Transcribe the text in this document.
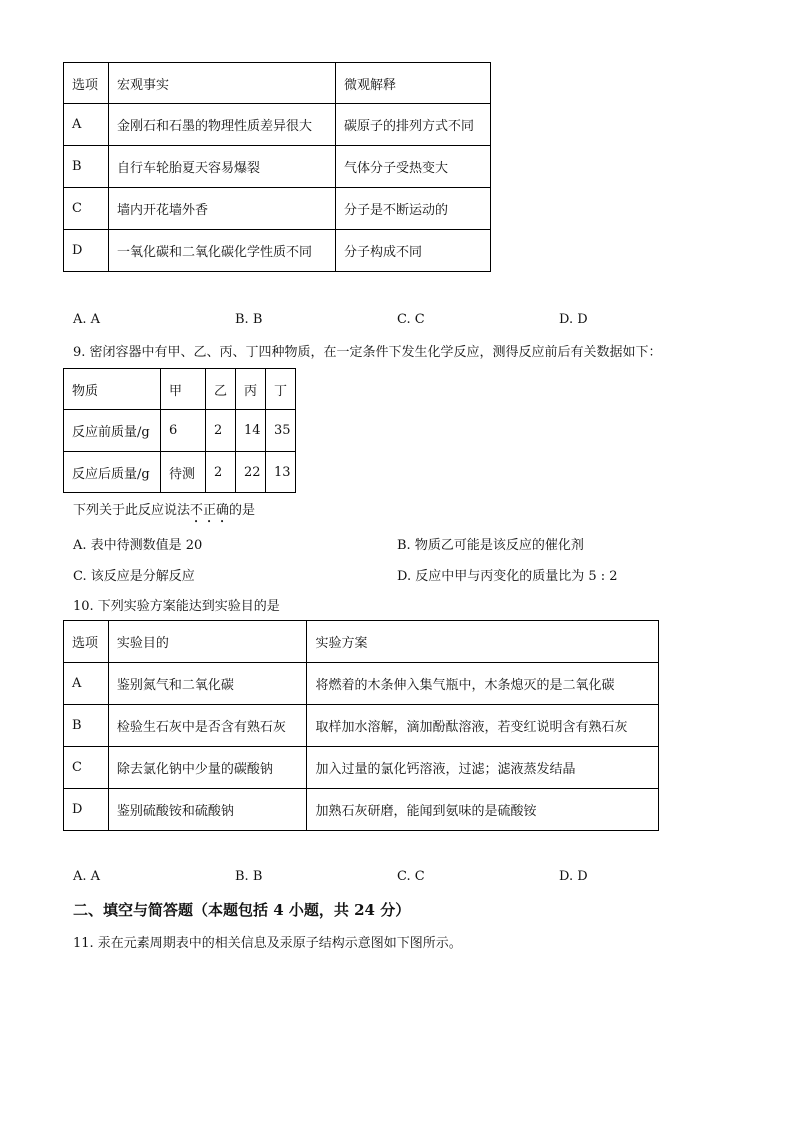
选项	宏观事实	微观解释
A	金刚石和石墨的物理性质差异很大	碳原子的排列方式不同
B	自行车轮胎夏天容易爆裂	气体分子受热变大
C	墙内开花墙外香	分子是不断运动的
D	一氧化碳和二氧化碳化学性质不同	分子构成不同
A. A	B. B	C. C	D. D
9. 密闭容器中有甲、乙、丙、丁四种物质，在一定条件下发生化学反应，测得反应前后有关数据如下：
物质	甲	乙	丙	丁
反应前质量/g	6	2	14	35
反应后质量/g	待测	2	22	13
下列关于此反应说法不正确的是
A. 表中待测数值是 20	B. 物质乙可能是该反应的催化剂
C. 该反应是分解反应	D. 反应中甲与丙变化的质量比为 5 : 2
10. 下列实验方案能达到实验目的是
选项	实验目的	实验方案
A	鉴别氮气和二氧化碳	将燃着的木条伸入集气瓶中，木条熄灭的是二氧化碳
B	检验生石灰中是否含有熟石灰	取样加水溶解，滴加酚酞溶液，若变红说明含有熟石灰
C	除去氯化钠中少量的碳酸钠	加入过量的氯化钙溶液，过滤；滤液蒸发结晶
D	鉴别硫酸铵和硫酸钠	加熟石灰研磨，能闻到氨味的是硫酸铵
A. A	B. B	C. C	D. D
二、填空与简答题（本题包括 4 小题，共 24 分）
11. 汞在元素周期表中的相关信息及汞原子结构示意图如下图所示。
